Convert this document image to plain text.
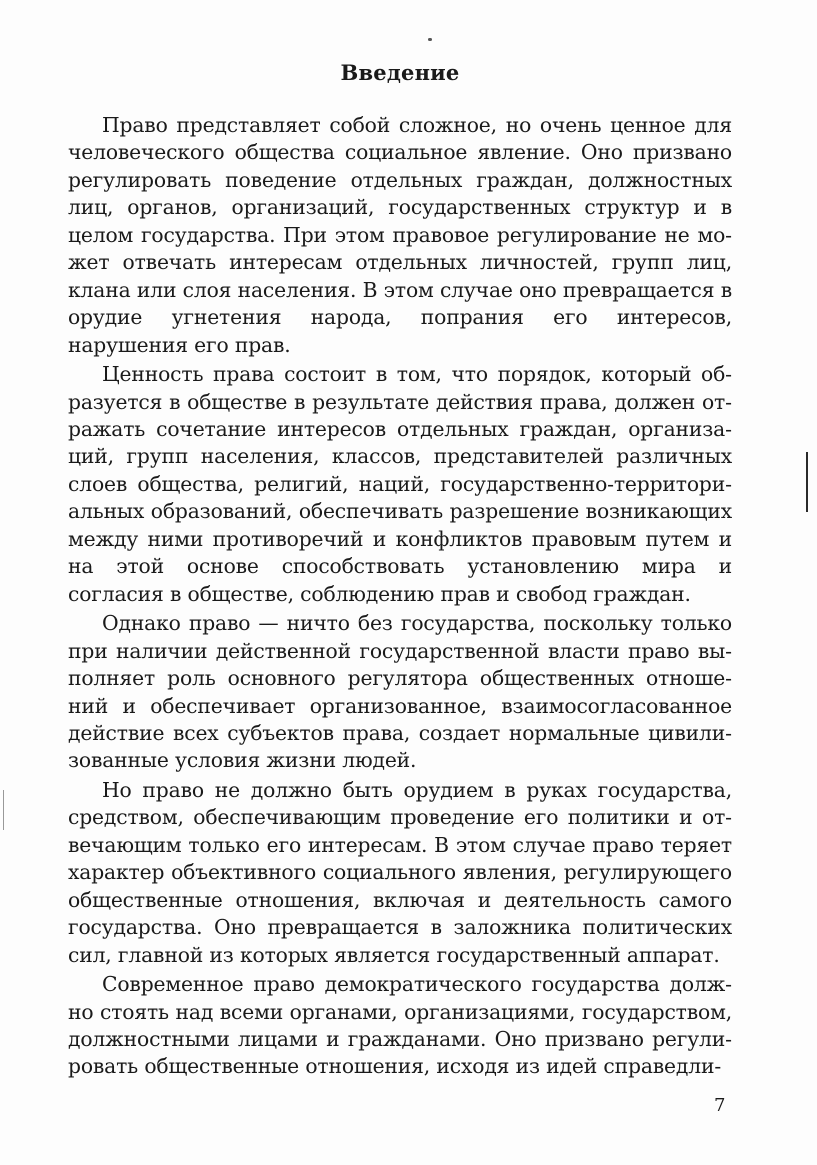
Введение

Право представляет собой сложное, но очень ценное для человеческого общества социальное явление. Оно призвано регулировать поведение отдельных граждан, должностных лиц, органов, организаций, государственных структур и в целом государства. При этом правовое регулирование не может отвечать интересам отдельных личностей, групп лиц, клана или слоя населения. В этом случае оно превращается в орудие угнетения народа, попрания его интересов, нарушения его прав.

Ценность права состоит в том, что порядок, который образуется в обществе в результате действия права, должен отражать сочетание интересов отдельных граждан, организаций, групп населения, классов, представителей различных слоев общества, религий, наций, государственно-территориальных образований, обеспечивать разрешение возникающих между ними противоречий и конфликтов правовым путем и на этой основе способствовать установлению мира и согласия в обществе, соблюдению прав и свобод граждан.

Однако право — ничто без государства, поскольку только при наличии действенной государственной власти право выполняет роль основного регулятора общественных отношений и обеспечивает организованное, взаимосогласованное действие всех субъектов права, создает нормальные цивилизованные условия жизни людей.

Но право не должно быть орудием в руках государства, средством, обеспечивающим проведение его политики и отвечающим только его интересам. В этом случае право теряет характер объективного социального явления, регулирующего общественные отношения, включая и деятельность самого государства. Оно превращается в заложника политических сил, главной из которых является государственный аппарат.

Современное право демократического государства должно стоять над всеми органами, организациями, государством, должностными лицами и гражданами. Оно призвано регулировать общественные отношения, исходя из идей справедли-

7
